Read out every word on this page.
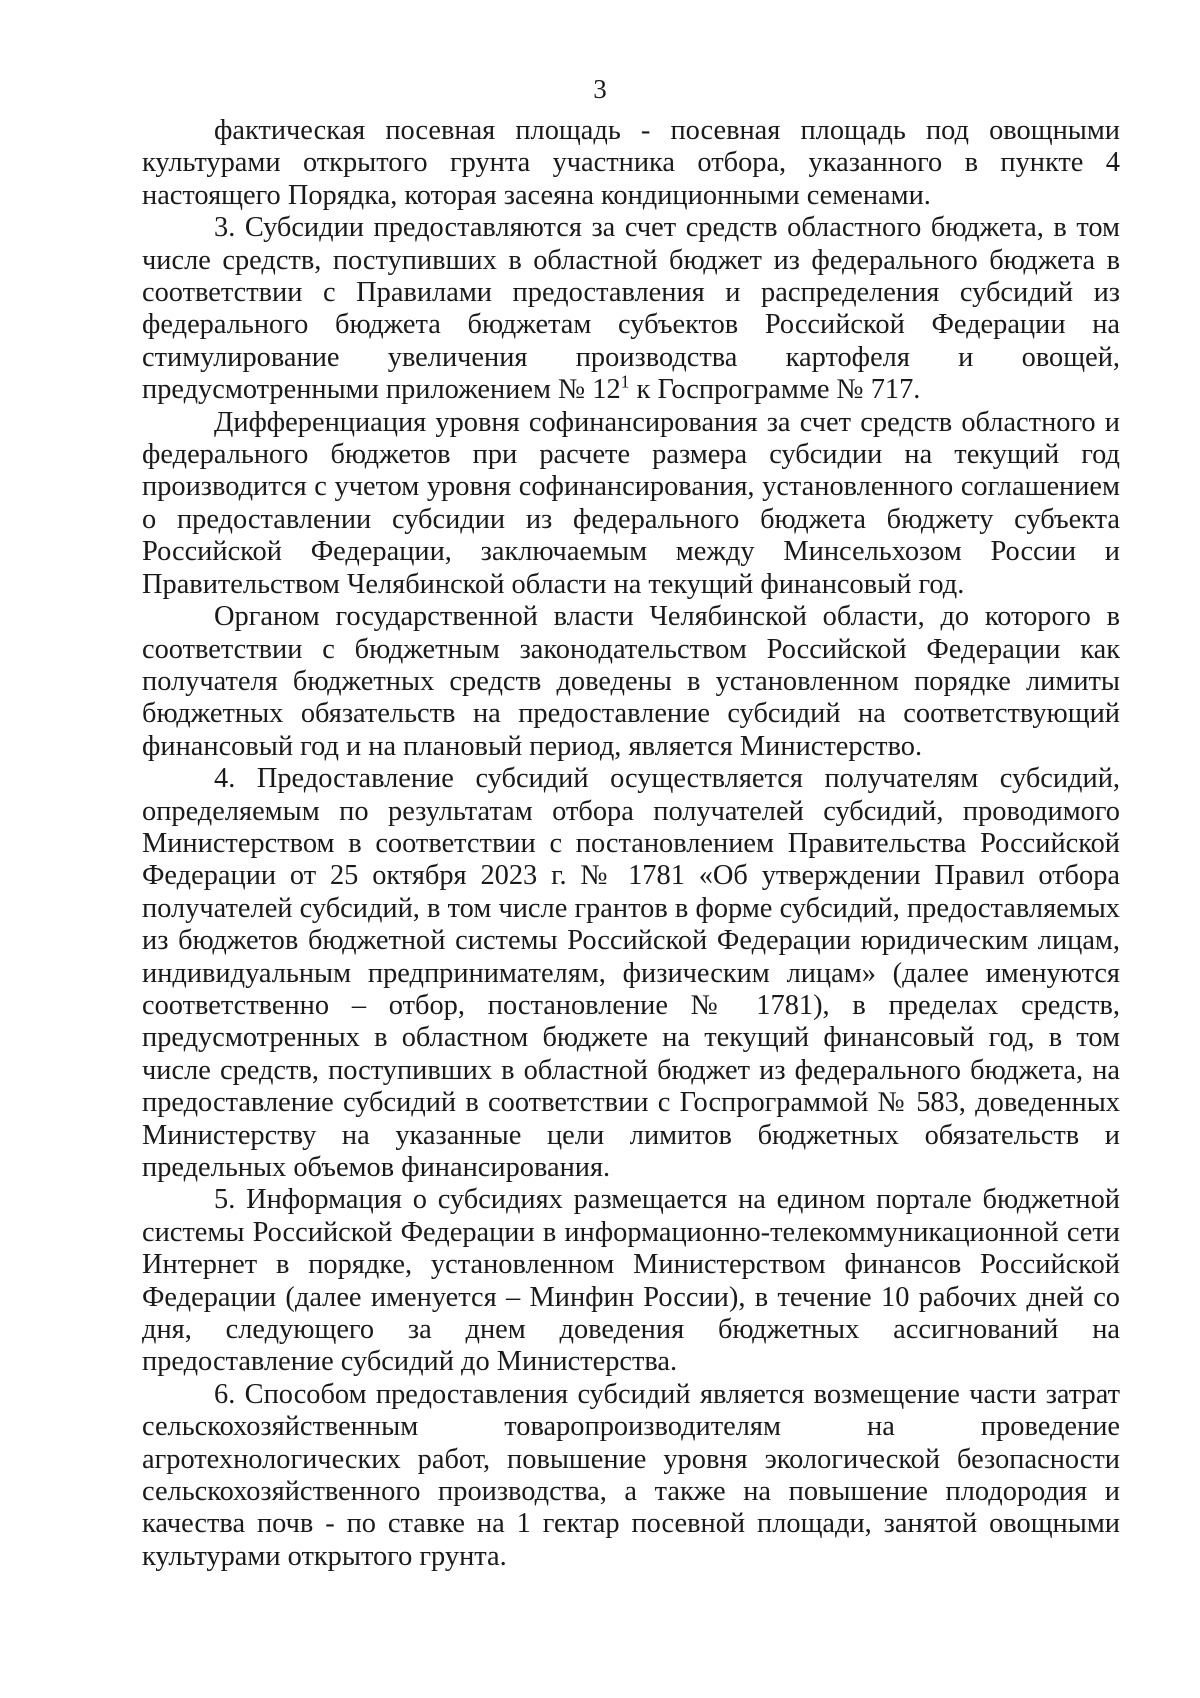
3

фактическая посевная площадь - посевная площадь под овощными культурами открытого грунта участника отбора, указанного в пункте 4 настоящего Порядка, которая засеяна кондиционными семенами.

3. Субсидии предоставляются за счет средств областного бюджета, в том числе средств, поступивших в областной бюджет из федерального бюджета в соответствии с Правилами предоставления и распределения субсидий из федерального бюджета бюджетам субъектов Российской Федерации на стимулирование увеличения производства картофеля и овощей, предусмотренными приложением № $12^1$ к Госпрограмме № 717.

Дифференциация уровня софинансирования за счет средств областного и федерального бюджетов при расчете размера субсидии на текущий год производится с учетом уровня софинансирования, установленного соглашением о предоставлении субсидии из федерального бюджета бюджету субъекта Российской Федерации, заключаемым между Минсельхозом России и Правительством Челябинской области на текущий финансовый год.

Органом государственной власти Челябинской области, до которого в соответствии с бюджетным законодательством Российской Федерации как получателя бюджетных средств доведены в установленном порядке лимиты бюджетных обязательств на предоставление субсидий на соответствующий финансовый год и на плановый период, является Министерство.

4. Предоставление субсидий осуществляется получателям субсидий, определяемым по результатам отбора получателей субсидий, проводимого Министерством в соответствии с постановлением Правительства Российской Федерации от 25 октября 2023 г. № 1781 «Об утверждении Правил отбора получателей субсидий, в том числе грантов в форме субсидий, предоставляемых из бюджетов бюджетной системы Российской Федерации юридическим лицам, индивидуальным предпринимателям, физическим лицам» (далее именуются соответственно – отбор, постановление № 1781), в пределах средств, предусмотренных в областном бюджете на текущий финансовый год, в том числе средств, поступивших в областной бюджет из федерального бюджета, на предоставление субсидий в соответствии с Госпрограммой № 583, доведенных Министерству на указанные цели лимитов бюджетных обязательств и предельных объемов финансирования.

5. Информация о субсидиях размещается на едином портале бюджетной системы Российской Федерации в информационно-телекоммуникационной сети Интернет в порядке, установленном Министерством финансов Российской Федерации (далее именуется – Минфин России), в течение 10 рабочих дней со дня, следующего за днем доведения бюджетных ассигнований на предоставление субсидий до Министерства.

6. Способом предоставления субсидий является возмещение части затрат сельскохозяйственным товаропроизводителям на проведение агротехнологических работ, повышение уровня экологической безопасности сельскохозяйственного производства, а также на повышение плодородия и качества почв - по ставке на 1 гектар посевной площади, занятой овощными культурами открытого грунта.
